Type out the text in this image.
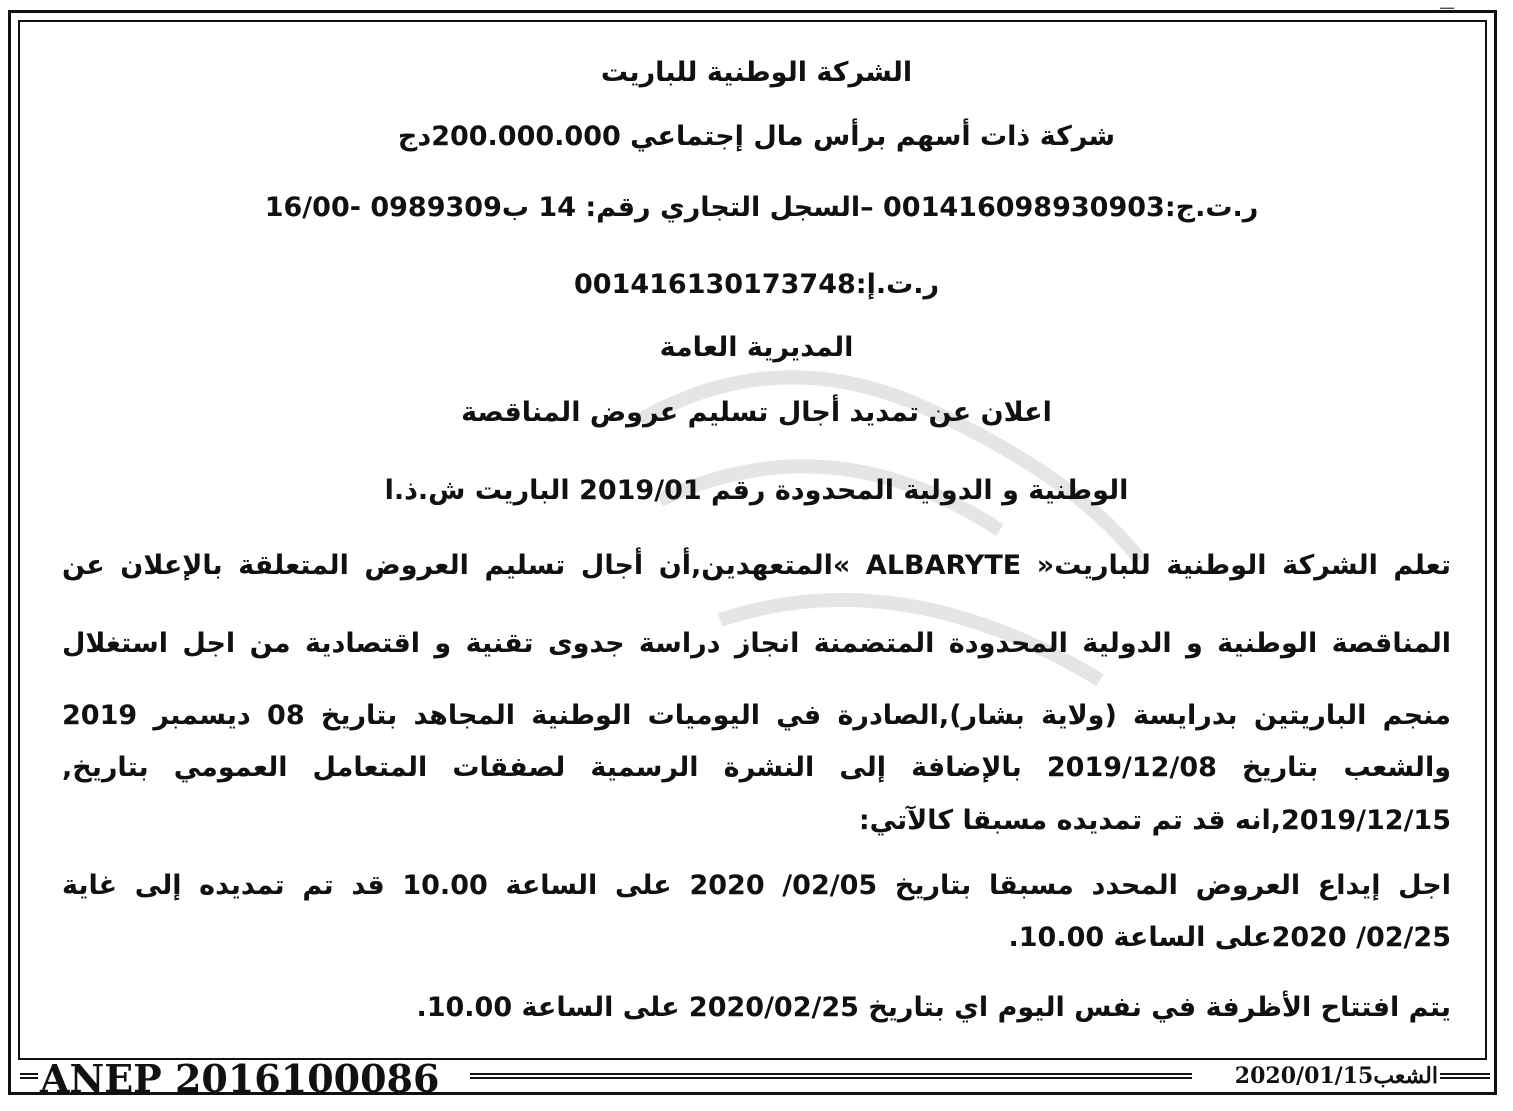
ـــ
الشركة الوطنية للباريت
شركة ذات أسهم برأس مال إجتماعي 200.000.000دج
ر.ت.ج:001416098930903 –السجل التجاري رقم: 14 ب0989309 -16/00
ر.ت.إ:001416130173748
المديرية العامة
اعلان عن تمديد أجال تسليم عروض المناقصة
الوطنية و الدولية المحدودة رقم 2019/01 الباريت ش.ذ.ا
تعلم الشركة الوطنية للباريت« ALBARYTE »المتعهدين,أن أجال تسليم العروض المتعلقة بالإعلان عن
المناقصة الوطنية و الدولية المحدودة المتضمنة انجاز دراسة جدوى تقنية و اقتصادية من اجل استغلال
منجم الباريتين بدرايسة (ولاية بشار),الصادرة في اليوميات الوطنية المجاهد بتاريخ 08 ديسمبر 2019
والشعب بتاريخ 2019/12/08 بالإضافة إلى النشرة الرسمية لصفقات المتعامل العمومي بتاريخ,
2019/12/15,انه قد تم تمديده مسبقا كالآتي:
اجل إيداع العروض المحدد مسبقا بتاريخ 02/05/ 2020 على الساعة 10.00 قد تم تمديده إلى غاية
02/25/ 2020على الساعة 10.00.
يتم افتتاح الأظرفة في نفس اليوم اي بتاريخ 2020/02/25 على الساعة 10.00.
ANEP 2016100086	الشعب2020/01/15
